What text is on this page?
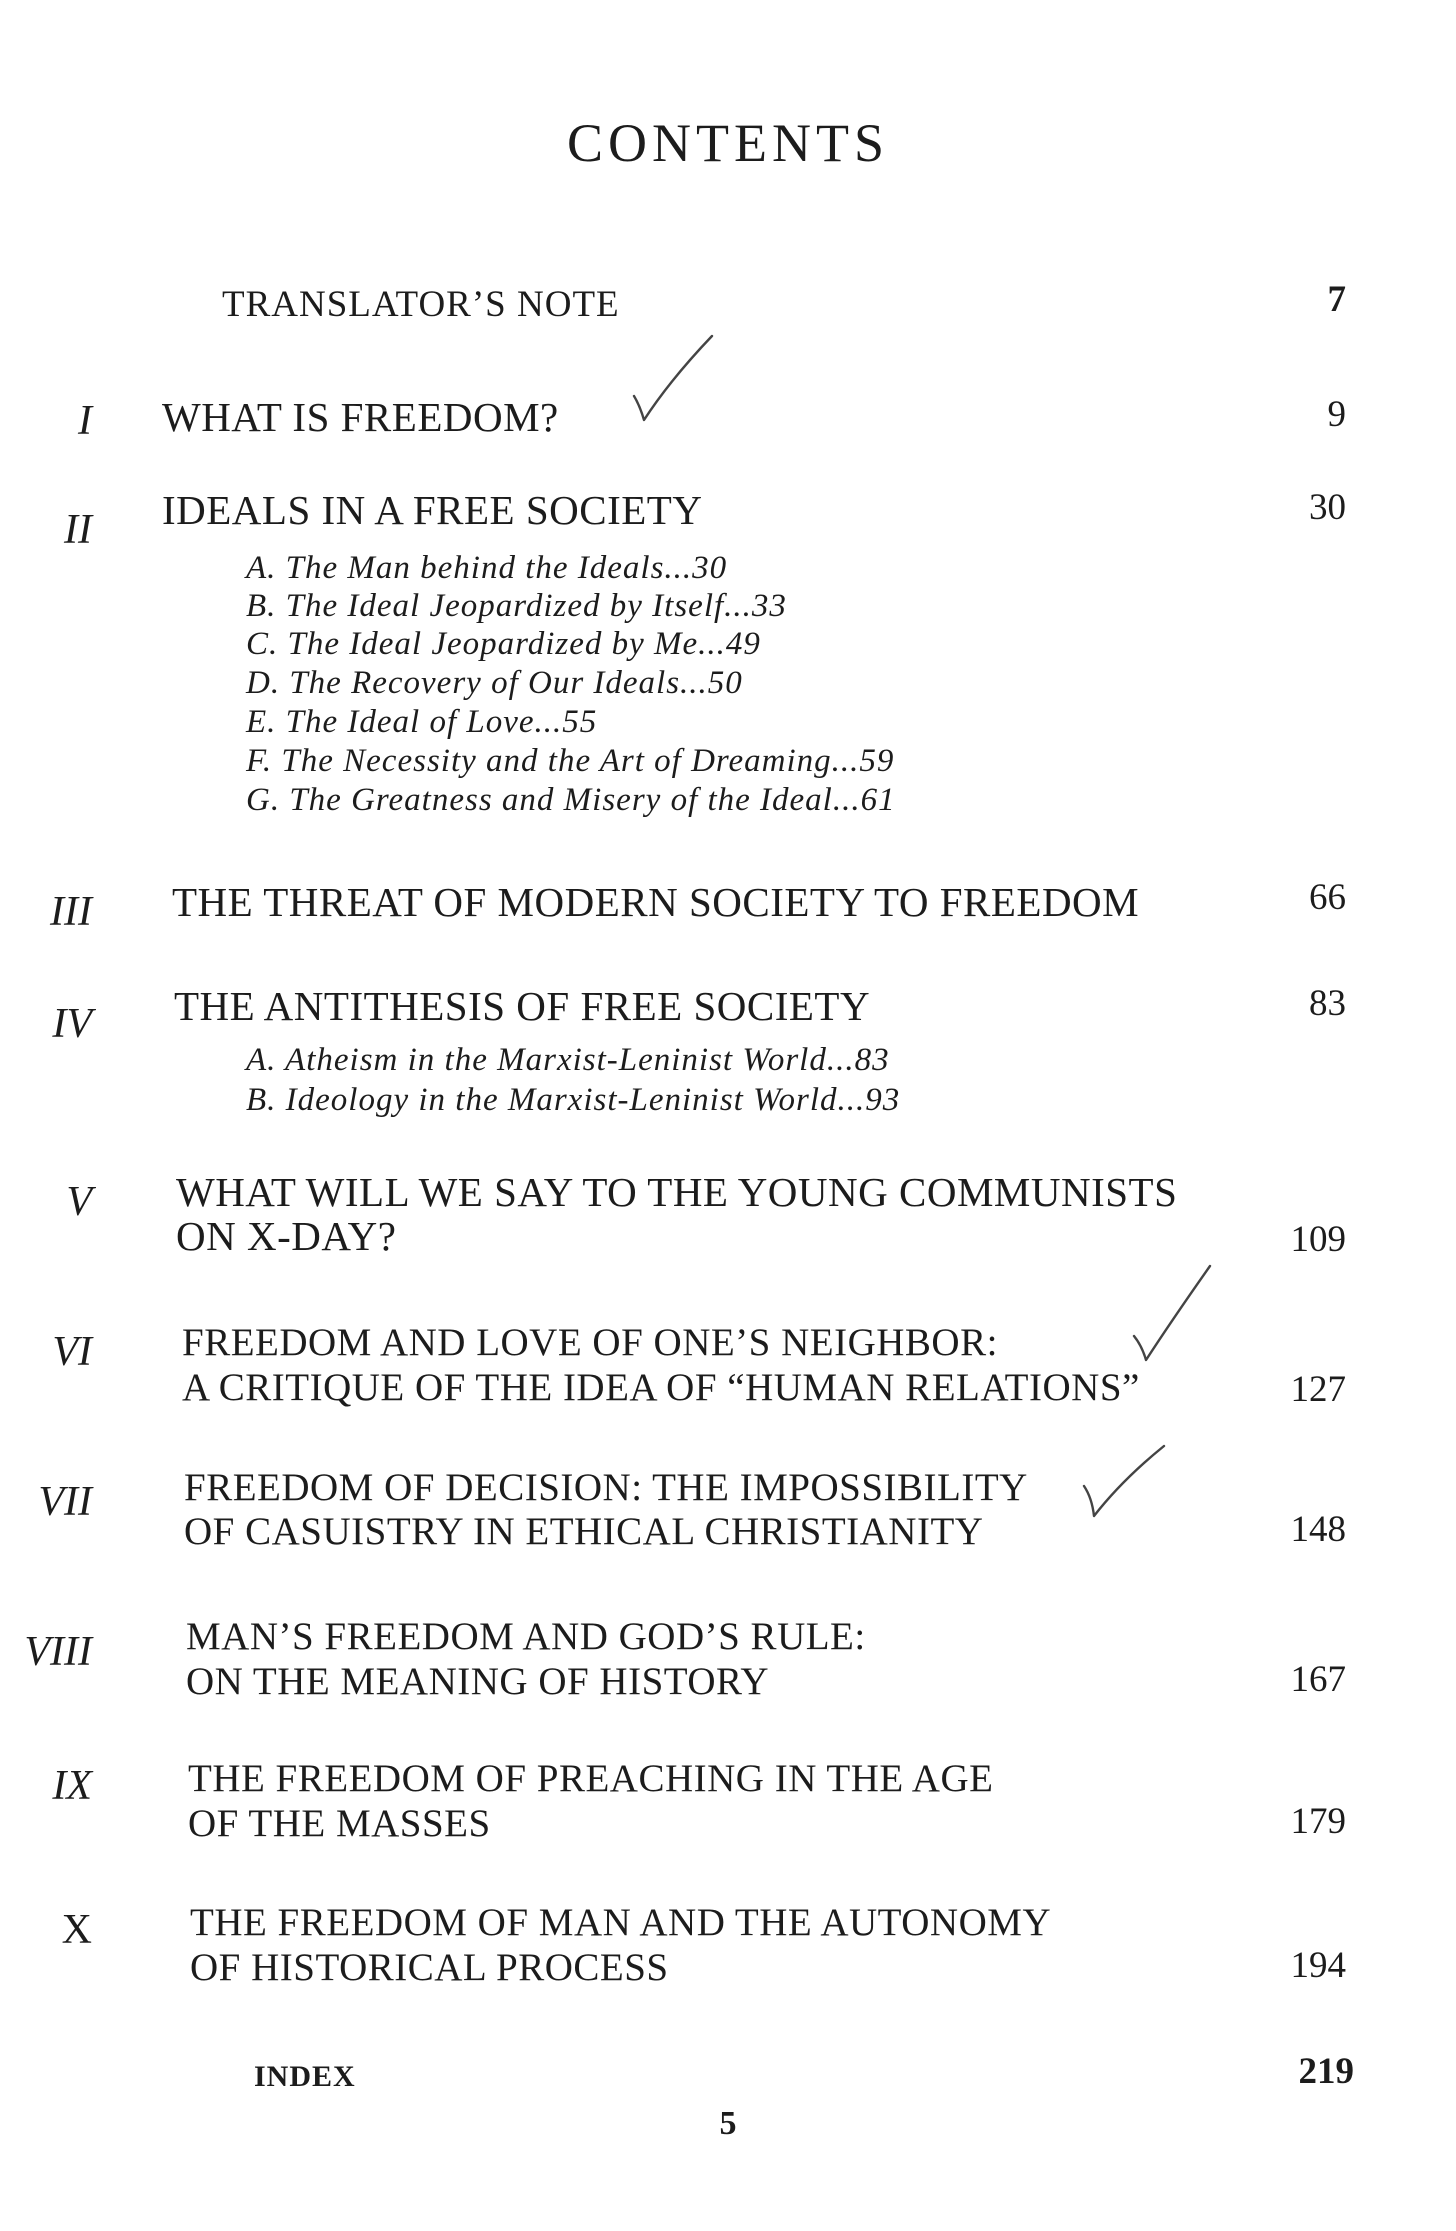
CONTENTS
TRANSLATOR’S NOTE	7
I WHAT IS FREEDOM?	9
II IDEALS IN A FREE SOCIETY	30
A. The Man behind the Ideals...30
B. The Ideal Jeopardized by Itself...33
C. The Ideal Jeopardized by Me...49
D. The Recovery of Our Ideals...50
E. The Ideal of Love...55
F. The Necessity and the Art of Dreaming...59
G. The Greatness and Misery of the Ideal...61
III THE THREAT OF MODERN SOCIETY TO FREEDOM	66
IV THE ANTITHESIS OF FREE SOCIETY	83
A. Atheism in the Marxist-Leninist World...83
B. Ideology in the Marxist-Leninist World...93
V WHAT WILL WE SAY TO THE YOUNG COMMUNISTS
ON X-DAY?	109
VI FREEDOM AND LOVE OF ONE’S NEIGHBOR:
A CRITIQUE OF THE IDEA OF “HUMAN RELATIONS”	127
VII FREEDOM OF DECISION: THE IMPOSSIBILITY
OF CASUISTRY IN ETHICAL CHRISTIANITY	148
VIII MAN’S FREEDOM AND GOD’S RULE:
ON THE MEANING OF HISTORY	167
IX THE FREEDOM OF PREACHING IN THE AGE
OF THE MASSES	179
X	THE FREEDOM OF MAN AND THE AUTONOMY
OF HISTORICAL PROCESS	194
INDEX	219
5
